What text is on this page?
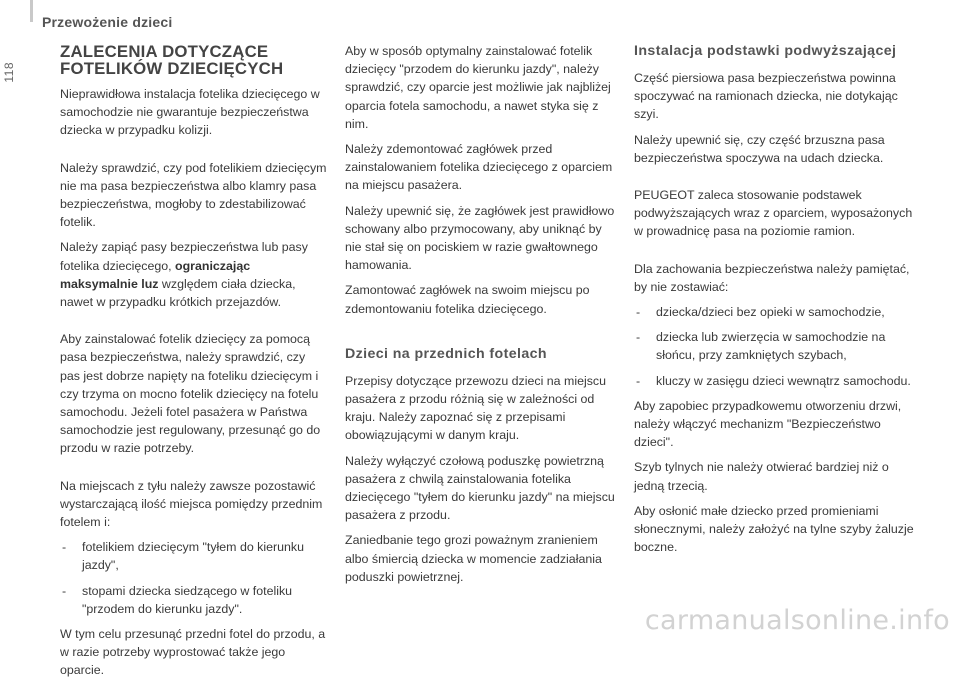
Przewożenie dzieci
118
ZALECENIA DOTYCZĄCE
FOTELIKÓW DZIECIĘCYCH

Nieprawidłowa instalacja fotelika dziecięcego w samochodzie nie gwarantuje bezpieczeństwa dziecka w przypadku kolizji.

Należy sprawdzić, czy pod fotelikiem dziecięcym nie ma pasa bezpieczeństwa albo klamry pasa bezpieczeństwa, mogłoby to zdestabilizować fotelik.

Należy zapiąć pasy bezpieczeństwa lub pasy fotelika dziecięcego, ograniczając maksymalnie luz względem ciała dziecka, nawet w przypadku krótkich przejazdów.

Aby zainstalować fotelik dziecięcy za pomocą pasa bezpieczeństwa, należy sprawdzić, czy pas jest dobrze napięty na foteliku dziecięcym i czy trzyma on mocno fotelik dziecięcy na fotelu samochodu. Jeżeli fotel pasażera w Państwa samochodzie jest regulowany, przesunąć go do przodu w razie potrzeby.

Na miejscach z tyłu należy zawsze pozostawić wystarczającą ilość miejsca pomiędzy przednim fotelem i:

- fotelikiem dziecięcym "tyłem do kierunku jazdy",
- stopami dziecka siedzącego w foteliku "przodem do kierunku jazdy".

W tym celu przesunąć przedni fotel do przodu, a w razie potrzeby wyprostować także jego oparcie.

Aby w sposób optymalny zainstalować fotelik dziecięcy "przodem do kierunku jazdy", należy sprawdzić, czy oparcie jest możliwie jak najbliżej oparcia fotela samochodu, a nawet styka się z nim.

Należy zdemontować zagłówek przed zainstalowaniem fotelika dziecięcego z oparciem na miejscu pasażera.

Należy upewnić się, że zagłówek jest prawidłowo schowany albo przymocowany, aby uniknąć by nie stał się on pociskiem w razie gwałtownego hamowania.

Zamontować zagłówek na swoim miejscu po zdemontowaniu fotelika dziecięcego.

Dzieci na przednich fotelach

Przepisy dotyczące przewozu dzieci na miejscu pasażera z przodu różnią się w zależności od kraju. Należy zapoznać się z przepisami obowiązującymi w danym kraju.

Należy wyłączyć czołową poduszkę powietrzną pasażera z chwilą zainstalowania fotelika dziecięcego "tyłem do kierunku jazdy" na miejscu pasażera z przodu.

Zaniedbanie tego grozi poważnym zranieniem albo śmiercią dziecka w momencie zadziałania poduszki powietrznej.

Instalacja podstawki podwyższającej

Część piersiowa pasa bezpieczeństwa powinna spoczywać na ramionach dziecka, nie dotykając szyi.

Należy upewnić się, czy część brzuszna pasa bezpieczeństwa spoczywa na udach dziecka.

PEUGEOT zaleca stosowanie podstawek podwyższających wraz z oparciem, wyposażonych w prowadnicę pasa na poziomie ramion.

Dla zachowania bezpieczeństwa należy pamiętać, by nie zostawiać:

- dziecka/dzieci bez opieki w samochodzie,
- dziecka lub zwierzęcia w samochodzie na słońcu, przy zamkniętych szybach,
- kluczy w zasięgu dzieci wewnątrz samochodu.

Aby zapobiec przypadkowemu otworzeniu drzwi, należy włączyć mechanizm "Bezpieczeństwo dzieci".

Szyb tylnych nie należy otwierać bardziej niż o jedną trzecią.

Aby osłonić małe dziecko przed promieniami słonecznymi, należy założyć na tylne szyby żaluzje boczne.

carmanualsonline.info
